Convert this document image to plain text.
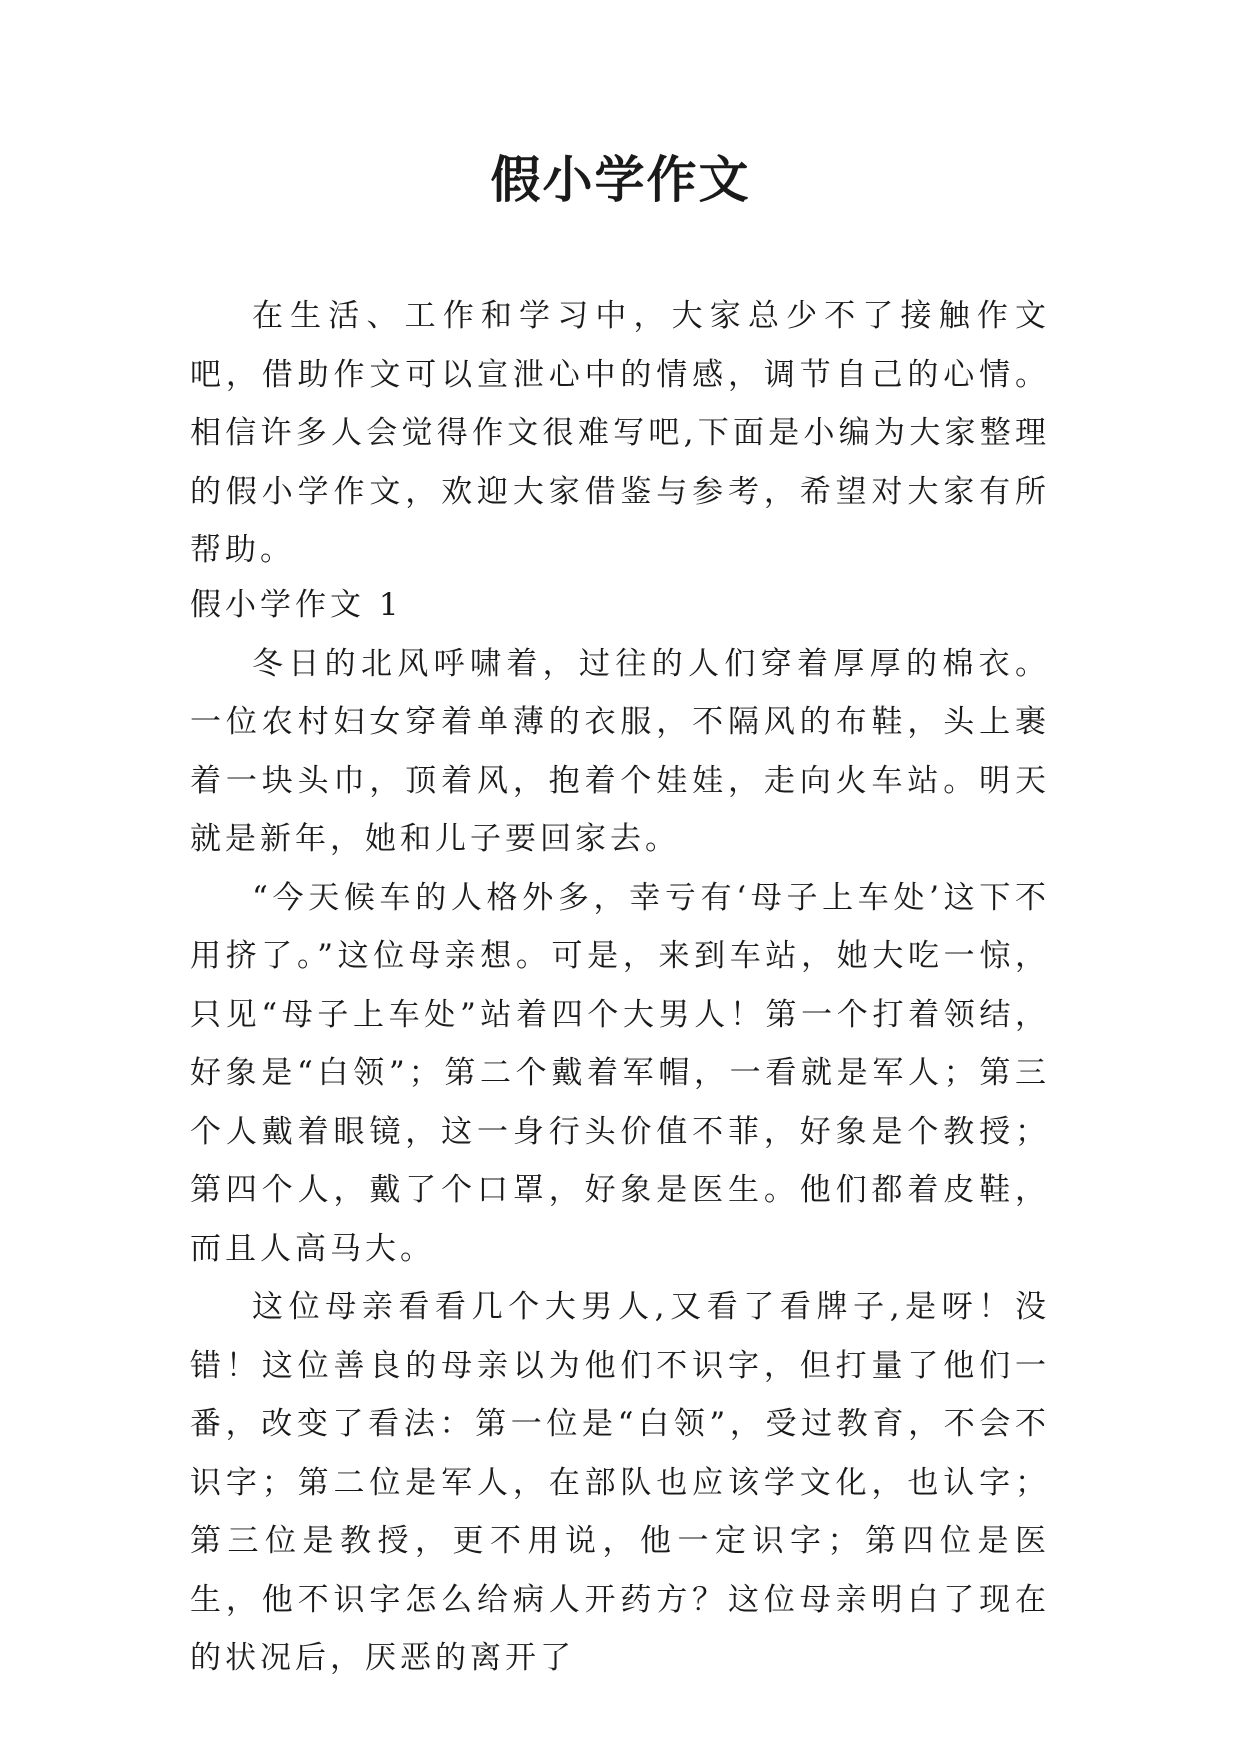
假小学作文

在生活、工作和学习中，大家总少不了接触作文吧，借助作文可以宣泄心中的情感，调节自己的心情。相信许多人会觉得作文很难写吧,下面是小编为大家整理的假小学作文，欢迎大家借鉴与参考，希望对大家有所帮助。

假小学作文 1

冬日的北风呼啸着，过往的人们穿着厚厚的棉衣。一位农村妇女穿着单薄的衣服，不隔风的布鞋，头上裹着一块头巾，顶着风，抱着个娃娃，走向火车站。明天就是新年，她和儿子要回家去。

“今天候车的人格外多，幸亏有‘母子上车处’这下不用挤了。”这位母亲想。可是，来到车站，她大吃一惊，只见“母子上车处”站着四个大男人！第一个打着领结，好象是“白领”；第二个戴着军帽，一看就是军人；第三个人戴着眼镜，这一身行头价值不菲，好象是个教授；第四个人，戴了个口罩，好象是医生。他们都着皮鞋，而且人高马大。

这位母亲看看几个大男人,又看了看牌子,是呀！没错！这位善良的母亲以为他们不识字，但打量了他们一番，改变了看法：第一位是“白领”，受过教育，不会不识字；第二位是军人，在部队也应该学文化，也认字；第三位是教授，更不用说，他一定识字；第四位是医生，他不识字怎么给病人开药方？这位母亲明白了现在的状况后，厌恶的离开了
